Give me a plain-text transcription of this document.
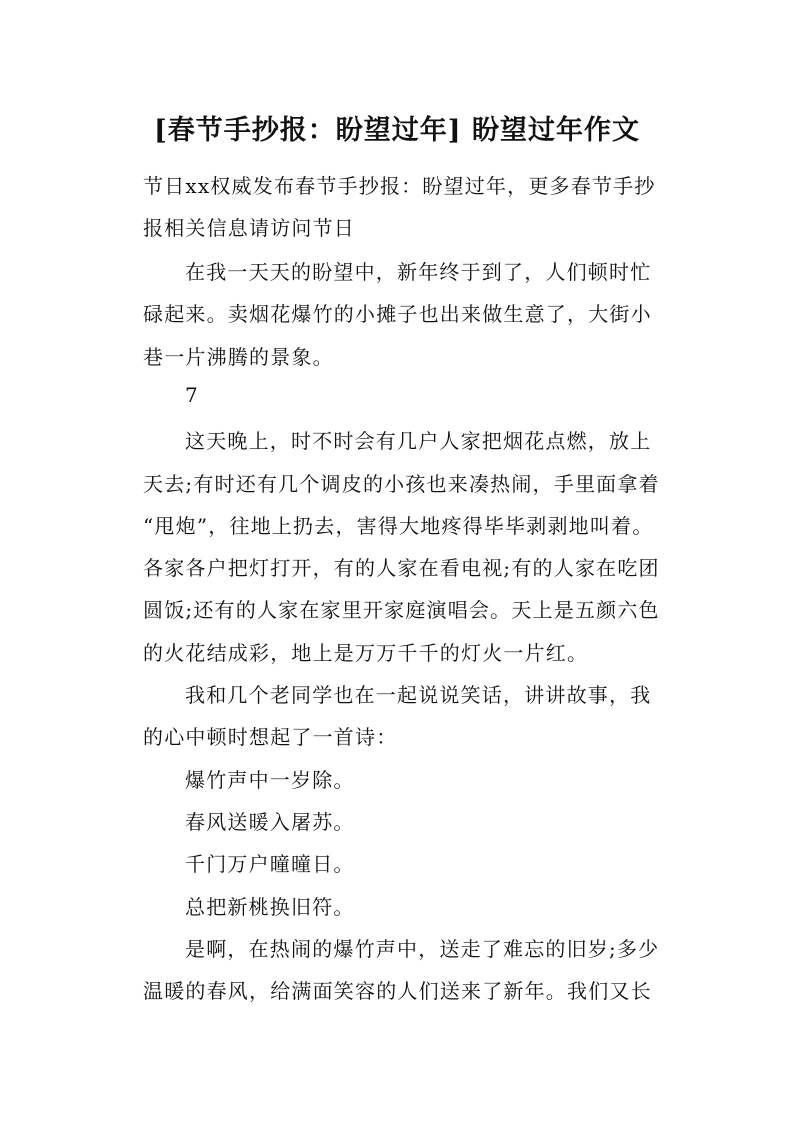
[春节手抄报：盼望过年] 盼望过年作文
节日xx权威发布春节手抄报：盼望过年，更多春节手抄
报相关信息请访问节日
在我一天天的盼望中，新年终于到了，人们顿时忙
碌起来。卖烟花爆竹的小摊子也出来做生意了，大街小
巷一片沸腾的景象。
7
这天晚上，时不时会有几户人家把烟花点燃，放上
天去;有时还有几个调皮的小孩也来凑热闹，手里面拿着
“甩炮”，往地上扔去，害得大地疼得毕毕剥剥地叫着。
各家各户把灯打开，有的人家在看电视;有的人家在吃团
圆饭;还有的人家在家里开家庭演唱会。天上是五颜六色
的火花结成彩，地上是万万千千的灯火一片红。
我和几个老同学也在一起说说笑话，讲讲故事，我
的心中顿时想起了一首诗：
爆竹声中一岁除。
春风送暖入屠苏。
千门万户曈曈日。
总把新桃换旧符。
是啊，在热闹的爆竹声中，送走了难忘的旧岁;多少
温暖的春风，给满面笑容的人们送来了新年。我们又长
